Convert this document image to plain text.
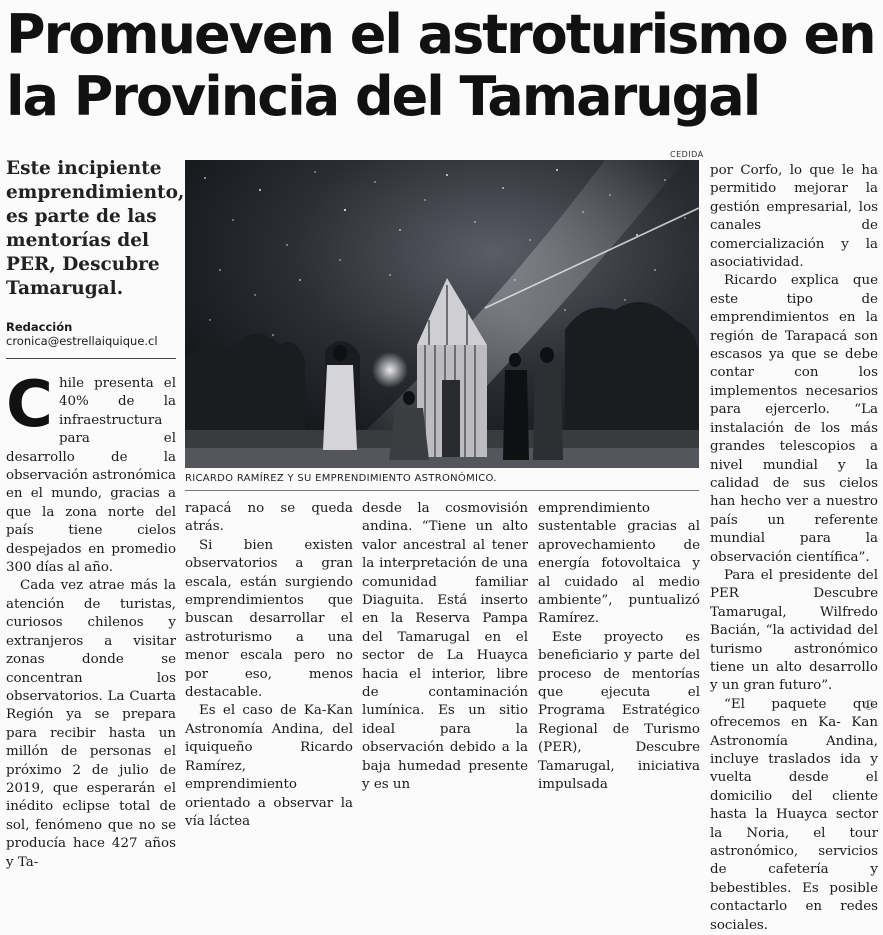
Promueven el astroturismo en
la Provincia del Tamarugal
Este incipiente emprendimiento, es parte de las mentorías del PER, Descubre Tamarugal.
Redacción
cronica@estrellaiquique.cl
CEDIDA
RICARDO RAMÍREZ Y SU EMPRENDIMIENTO ASTRONÓMICO.

Chile presenta el 40% de la infraestructura para el desarrollo de la observación astronómica en el mundo, gracias a que la zona norte del país tiene cielos despejados en promedio 300 días al año.

Cada vez atrae más la atención de turistas, curiosos chilenos y extranjeros a visitar zonas donde se concentran los observatorios. La Cuarta Región ya se prepara para recibir hasta un millón de personas el próximo 2 de julio de 2019, que esperarán el inédito eclipse total de sol, fenómeno que no se producía hace 427 años y Ta-

rapacá no se queda atrás.

Si bien existen observatorios a gran escala, están surgiendo emprendimientos que buscan desarrollar el astroturismo a una menor escala pero no por eso, menos destacable.

Es el caso de Ka-Kan Astronomía Andina, del iquiqueño Ricardo Ramírez, emprendimiento orientado a observar la vía láctea

desde la cosmovisión andina. “Tiene un alto valor ancestral al tener la interpretación de una comunidad familiar Diaguita. Está inserto en la Reserva Pampa del Tamarugal en el sector de La Huayca hacia el interior, libre de contaminación lumínica. Es un sitio ideal para la observación debido a la baja humedad presente y es un

emprendimiento sustentable gracias al aprovechamiento de energía fotovoltaica y al cuidado al medio ambiente”, puntualizó Ramírez.

Este proyecto es beneficiario y parte del proceso de mentorías que ejecuta el Programa Estratégico Regional de Turismo (PER), Descubre Tamarugal, iniciativa impulsada

por Corfo, lo que le ha permitido mejorar la gestión empresarial, los canales de comercialización y la asociatividad.

Ricardo explica que este tipo de emprendimientos en la región de Tarapacá son escasos ya que se debe contar con los implementos necesarios para ejercerlo. “La instalación de los más grandes telescopios a nivel mundial y la calidad de sus cielos han hecho ver a nuestro país un referente mundial para la observación científica”.

Para el presidente del PER Descubre Tamarugal, Wilfredo Bacián, “la actividad del turismo astronómico tiene un alto desarrollo y un gran futuro”.

“El paquete que ofrecemos en Ka- Kan Astronomía Andina, incluye traslados ida y vuelta desde el domicilio del cliente hasta la Huayca sector la Noria, el tour astronómico, servicios de cafetería y bebestibles. Es posible contactarlo en redes sociales.
